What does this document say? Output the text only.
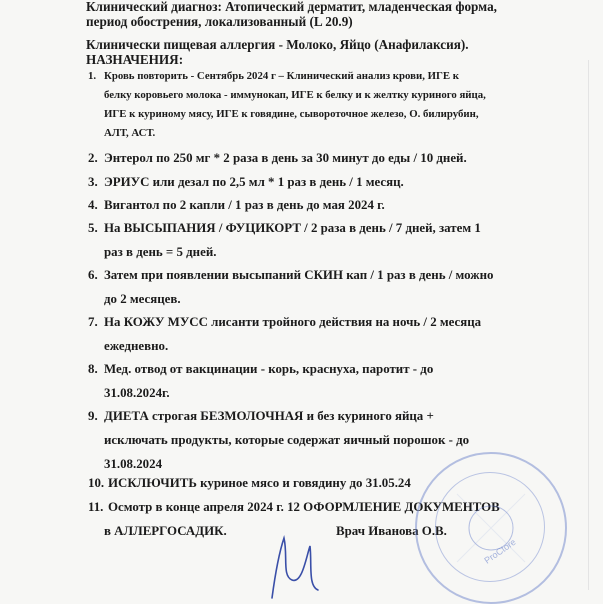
Клинический диагноз: Атопический дерматит, младенческая форма,
период обострения, локализованный (L 20.9)
Клинически пищевая аллергия - Молоко, Яйцо (Анафилаксия).
НАЗНАЧЕНИЯ:
1. Кровь повторить - Сентябрь 2024 г – Клинический анализ крови, ИГЕ к
белку коровьего молока - иммунокап, ИГЕ к белку и к желтку куриного яйца,
ИГЕ к куриному мясу, ИГЕ к говядине, сывороточное железо, О. билирубин,
АЛТ, АСТ.
2. Энтерол по 250 мг * 2 раза в день за 30 минут до еды / 10 дней.
3. ЭРИУС или дезал по 2,5 мл * 1 раз в день / 1 месяц.
4. Вигантол по 2 капли / 1 раз в день до мая 2024 г.
5. На ВЫСЫПАНИЯ / ФУЦИКОРТ / 2 раза в день / 7 дней, затем 1
раз в день = 5 дней.
6. Затем при появлении высыпаний СКИН кап / 1 раз в день / можно
до 2 месяцев.
7. На КОЖУ МУСС лисанти тройного действия на ночь / 2 месяца
ежедневно.
8. Мед. отвод от вакцинации - корь, краснуха, паротит - до
31.08.2024г.
9. ДИЕТА строгая БЕЗМОЛОЧНАЯ и без куриного яйца +
исключать продукты, которые содержат яичный порошок - до
31.08.2024
10. ИСКЛЮЧИТЬ куриное мясо и говядину до 31.05.24
11. Осмотр в конце апреля 2024 г. 12 ОФОРМЛЕНИЕ ДОКУМЕНТОВ
в АЛЛЕРГОСАДИК.	Врач Иванова О.В.
ProCtore
